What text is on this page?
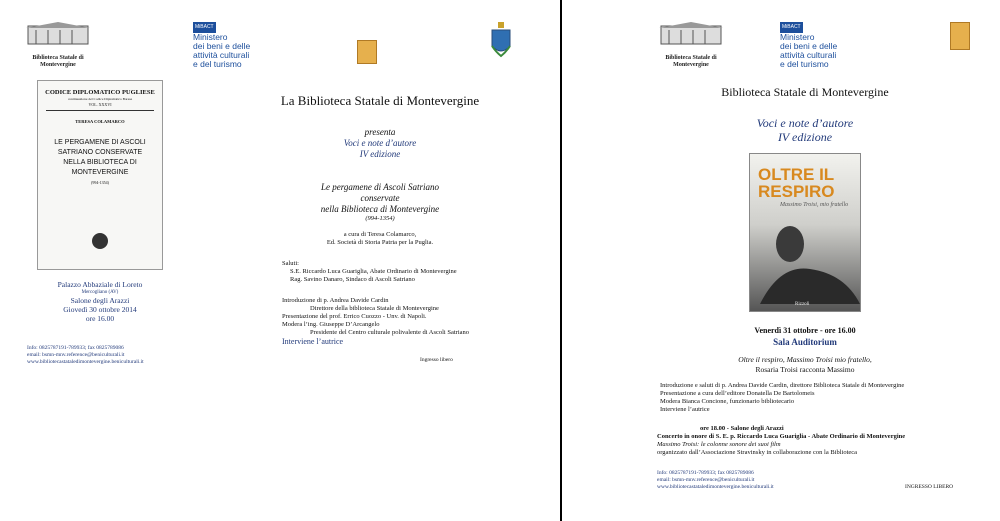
Biblioteca Statale di Montevergine
MiBACT
Ministero
dei beni e delle
attività culturali
e del turismo
CODICE DIPLOMATICO PUGLIESE
continuazione del Codice Diplomatico Barese
VOL. XXXVI
TERESA COLAMARCO
LE PERGAMENE DI ASCOLI SATRIANO CONSERVATE NELLA BIBLIOTECA DI MONTEVERGINE
(994-1354)
Palazzo Abbaziale di Loreto
Mercogliano (AV)
Salone degli Arazzi
Giovedì 30 ottobre 2014
ore 16.00
Info: 0825787191-789933; fax 0825789086
email: bsmn-mnv.reference@beniculturali.it
www.bibliotecastataledimontevergine.beniculturali.it
La Biblioteca Statale di Montevergine
presenta
Voci e note d’autore
IV edizione
Le pergamene di Ascoli Satriano
conservate
nella Biblioteca di Montevergine
(994-1354)
a cura di Teresa Colamarco,
Ed. Società di Storia Patria per la Puglia.
Saluti:
S.E. Riccardo Luca Guariglia, Abate Ordinario di Montevergine
Rag. Savino Danaro, Sindaco di Ascoli Satriano
Introduzione di p. Andrea Davide Cardin
Direttore della biblioteca Statale di Montevergine
Presentazione del prof. Errico Cuozzo - Unv. di Napoli.
Modera l’ing. Giuseppe D’Arcangelo
Presidente del Centro culturale polivalente di Ascoli Satriano
Interviene l’autrice
Ingresso libero
Biblioteca Statale di Montevergine
MiBACT
Ministero
dei beni e delle
attività culturali
e del turismo
Biblioteca Statale di Montevergine
Voci e note d’autore
IV edizione
OLTRE IL
RESPIRO
Massimo Troisi, mio fratello
Rizzoli
Venerdì 31 ottobre - ore 16.00
Sala Auditorium
Oltre il respiro, Massimo Troisi mio fratello,
Rosaria Troisi racconta Massimo
Introduzione e saluti di p. Andrea Davide Cardin, direttore Biblioteca Statale di Montevergine
Presentazione a cura dell’editore Donatella De Bartolomeis
Modera Bianca Concione, funzionario bibliotecario
Interviene l’autrice
ore 18.00 - Salone degli Arazzi
Concerto in onore di S. E. p. Riccardo Luca Guariglia - Abate Ordinario di Montevergine
Massimo Troisi: le colonne sonore dei suoi film
organizzato dall’Associazione Stravinsky in collaborazione con la Biblioteca
Info: 0825787191-789933; fax 0825789086
email: bsmn-mnv.reference@beniculturali.it
www.bibliotecastataledimontevergine.beniculturali.it	INGRESSO LIBERO
